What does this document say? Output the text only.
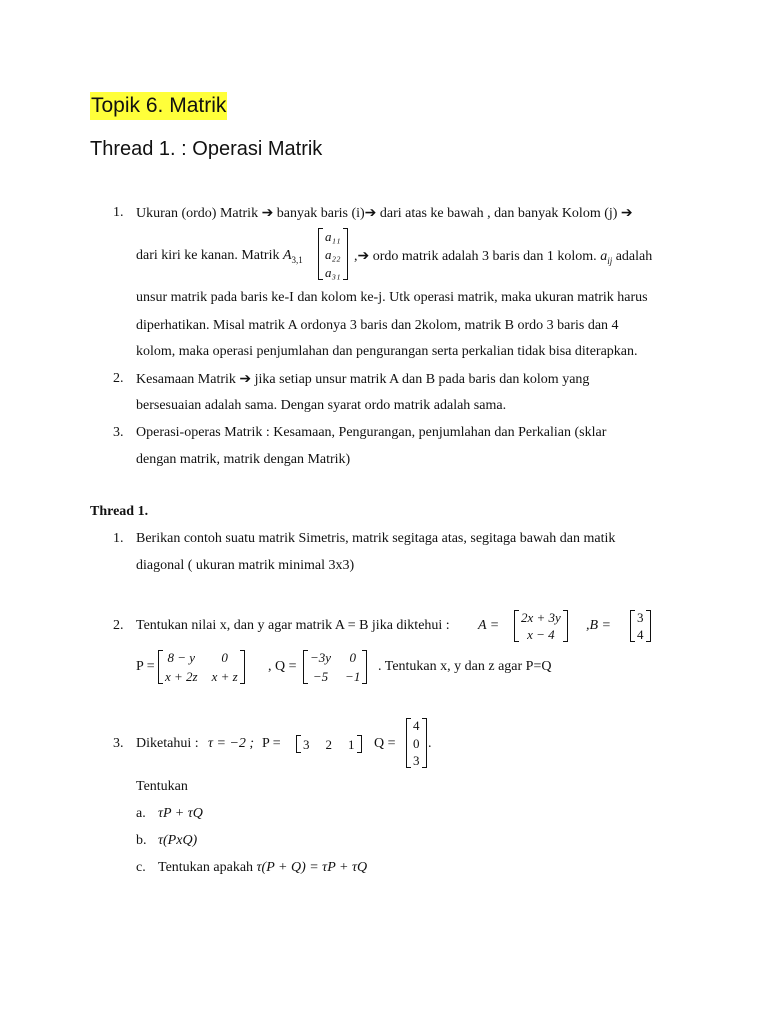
Topik 6. Matrik
Thread 1. : Operasi Matrik
1. Ukuran (ordo) Matrik ➔ banyak baris (i)➔ dari atas ke bawah , dan banyak Kolom (j) ➔
dari kiri ke kanan. Matrik $A_{3,1}$
a₁₁
a₂₂
a₃₁
,➔ ordo matrik adalah 3 baris dan 1 kolom. $a_{ij}$ adalah
unsur matrik pada baris ke-I dan kolom ke-j. Utk operasi matrik, maka ukuran matrik harus
diperhatikan. Misal matrik A ordonya 3 baris dan 2kolom, matrik B ordo 3 baris dan 4
kolom, maka operasi penjumlahan dan pengurangan serta perkalian tidak bisa diterapkan.
2. Kesamaan Matrik ➔ jika setiap unsur matrik A dan B pada baris dan kolom yang
bersesuaian adalah sama. Dengan syarat ordo matrik adalah sama.
3. Operasi-operas Matrik : Kesamaan, Pengurangan, penjumlahan dan Perkalian (sklar
dengan matrik, matrik dengan Matrik)
Thread 1.
1. Berikan contoh suatu matrik Simetris, matrik segitaga atas, segitaga bawah dan matik
diagonal ( ukuran matrik minimal 3x3)
2. Tentukan nilai x, dan y agar matrik A = B jika diktehui : A =
2x + 3y
x − 4
,B =
3
4
P =
8 − y 0
x + 2z x + z
, Q =
−3y 0
−5 −1
. Tentukan x, y dan z agar P=Q
3. Diketahui : τ = −2 ; P = 3 2 1 Q =
4
0
3
.
Tentukan
a. τP + τQ
b. τ(PxQ)
c. Tentukan apakah τ(P + Q) = τP + τQ
